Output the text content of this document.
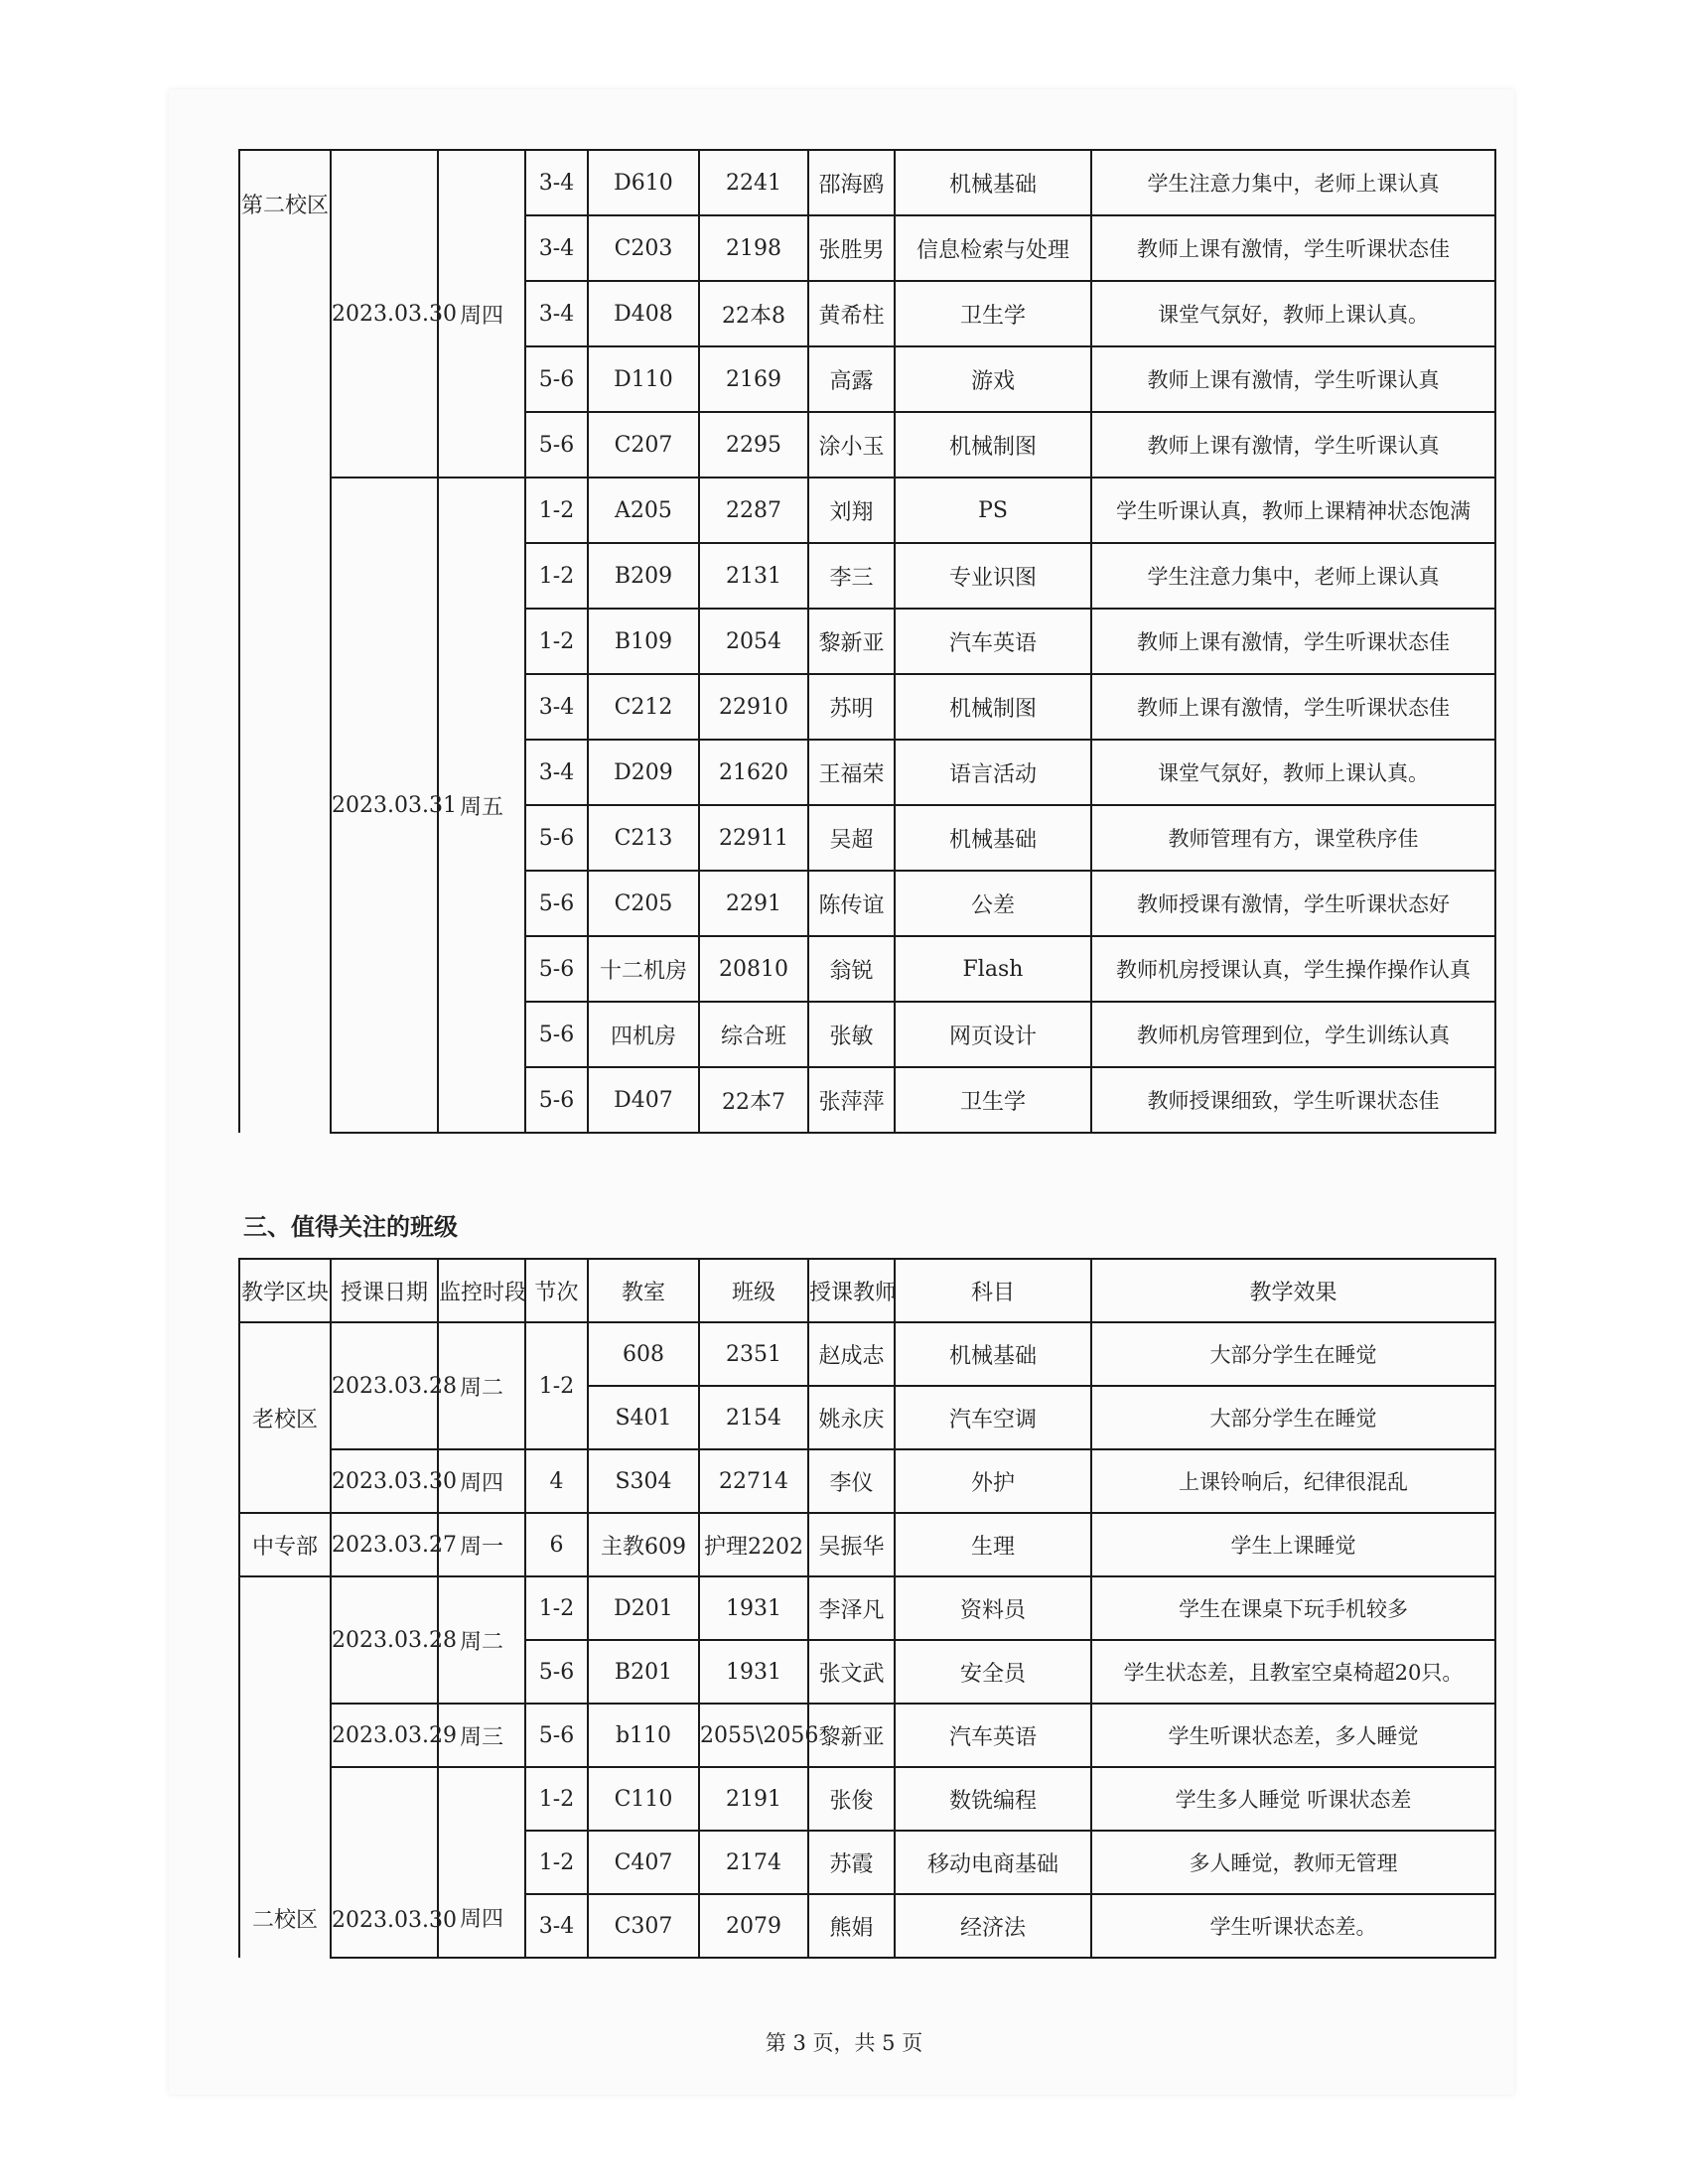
第二校区	2023.03.30	周四	3-4	D610	2241	邵海鸥	机械基础	学生注意力集中，老师上课认真
			3-4	C203	2198	张胜男	信息检索与处理	教师上课有激情，学生听课状态佳
			3-4	D408	22本8	黄希柱	卫生学	课堂气氛好，教师上课认真。
			5-6	D110	2169	高露	游戏	教师上课有激情，学生听课认真
			5-6	C207	2295	涂小玉	机械制图	教师上课有激情，学生听课认真
	2023.03.31	周五	1-2	A205	2287	刘翔	PS	学生听课认真，教师上课精神状态饱满
			1-2	B209	2131	李三	专业识图	学生注意力集中，老师上课认真
			1-2	B109	2054	黎新亚	汽车英语	教师上课有激情，学生听课状态佳
			3-4	C212	22910	苏明	机械制图	教师上课有激情，学生听课状态佳
			3-4	D209	21620	王福荣	语言活动	课堂气氛好，教师上课认真。
			5-6	C213	22911	吴超	机械基础	教师管理有方，课堂秩序佳
			5-6	C205	2291	陈传谊	公差	教师授课有激情，学生听课状态好
			5-6	十二机房	20810	翁锐	Flash	教师机房授课认真，学生操作操作认真
			5-6	四机房	综合班	张敏	网页设计	教师机房管理到位，学生训练认真
			5-6	D407	22本7	张萍萍	卫生学	教师授课细致，学生听课状态佳
三、值得关注的班级
教学区块	授课日期	监控时段	节次	教室	班级	授课教师	科目	教学效果
老校区	2023.03.28	周二	1-2	608	2351	赵成志	机械基础	大部分学生在睡觉
				S401	2154	姚永庆	汽车空调	大部分学生在睡觉
	2023.03.30	周四	4	S304	22714	李仪	外护	上课铃响后，纪律很混乱
中专部	2023.03.27	周一	6	主教609	护理2202	吴振华	生理	学生上课睡觉
二校区	2023.03.28	周二	1-2	D201	1931	李泽凡	资料员	学生在课桌下玩手机较多
			5-6	B201	1931	张文武	安全员	学生状态差，且教室空桌椅超20只。
	2023.03.29	周三	5-6	b110	2055\2056	黎新亚	汽车英语	学生听课状态差，多人睡觉
	2023.03.30	周四	1-2	C110	2191	张俊	数铣编程	学生多人睡觉 听课状态差
			1-2	C407	2174	苏霞	移动电商基础	多人睡觉，教师无管理
			3-4	C307	2079	熊娟	经济法	学生听课状态差。
第 3 页，共 5 页
